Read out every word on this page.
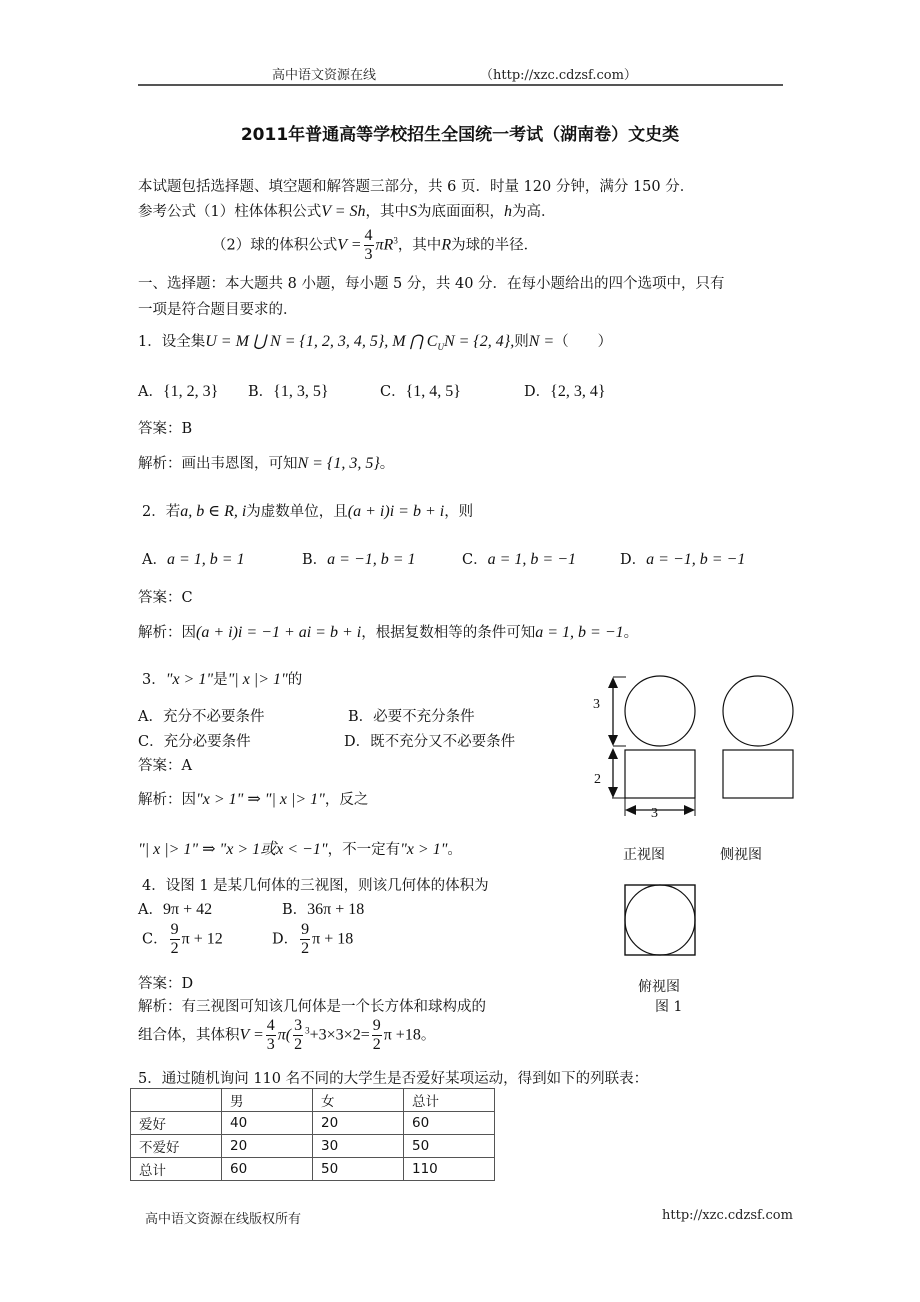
高中语文资源在线	（http://xzc.cdzsf.com）
2011年普通高等学校招生全国统一考试（湖南卷）文史类
本试题包括选择题、填空题和解答题三部分，共 6 页．时量 120 分钟，满分 150 分．
参考公式（1）柱体体积公式V = Sh，其中S为底面面积，h为高．
（2）球的体积公式$V = \frac{4}{3} \pi R^3$，其中R为球的半径．
一、选择题：本大题共 8 小题，每小题 5 分，共 40 分．在每小题给出的四个选项中，只有
一项是符合题目要求的．
1．设全集U = M ⋃ N = {1, 2, 3, 4, 5}, M ⋂ $C_UN = \{2$, 4},则N =（　　）
A．{1, 2, 3} B．{1, 3, 5}	C．{1, 4, 5}	D．{2, 3, 4}
答案：B
解析：画出韦恩图，可知N = {1, 3, 5}。
2．若a, b ∈ R, i为虚数单位，且(a + i)i = b + i，则
A．a = 1, b = 1	B．a = −1, b = 1	C．a = 1, b = −1	D．a = −1, b = −1
答案：C
解析：因(a + i)i = −1 + ai = b + i，根据复数相等的条件可知a = 1, b = −1。
3．"x > 1"是"| x |> 1"的
A．充分不必要条件	B．必要不充分条件
C．充分必要条件	D．既不充分又不必要条件
答案：A
解析：因"x > 1" ⇒ "| x |> 1"，反之
"| x |> 1" ⇒ "x > 1或x < −1"，不一定有"x > 1"。
3
2
3
正视图	侧视图
俯视图
图 1
4．设图 1 是某几何体的三视图，则该几何体的体积为
A．9π + 42	B．36π + 18
C． $\frac{9}{2}$ π + 12	D． $\frac{9}{2}$ π + 18
答案：D
解析：有三视图可知该几何体是一个长方体和球构成的
组合体，其体积$V = \frac{4}{3} \pi( \frac{3}{2} ^3+3\times 3\times 2= \frac{9}{2}$ π +18。
5．通过随机询问 110 名不同的大学生是否爱好某项运动，得到如下的列联表：
	男	女	总计
爱好	40	20	60
不爱好	20	30	50
总计	60	50	110
高中语文资源在线版权所有	http://xzc.cdzsf.com
